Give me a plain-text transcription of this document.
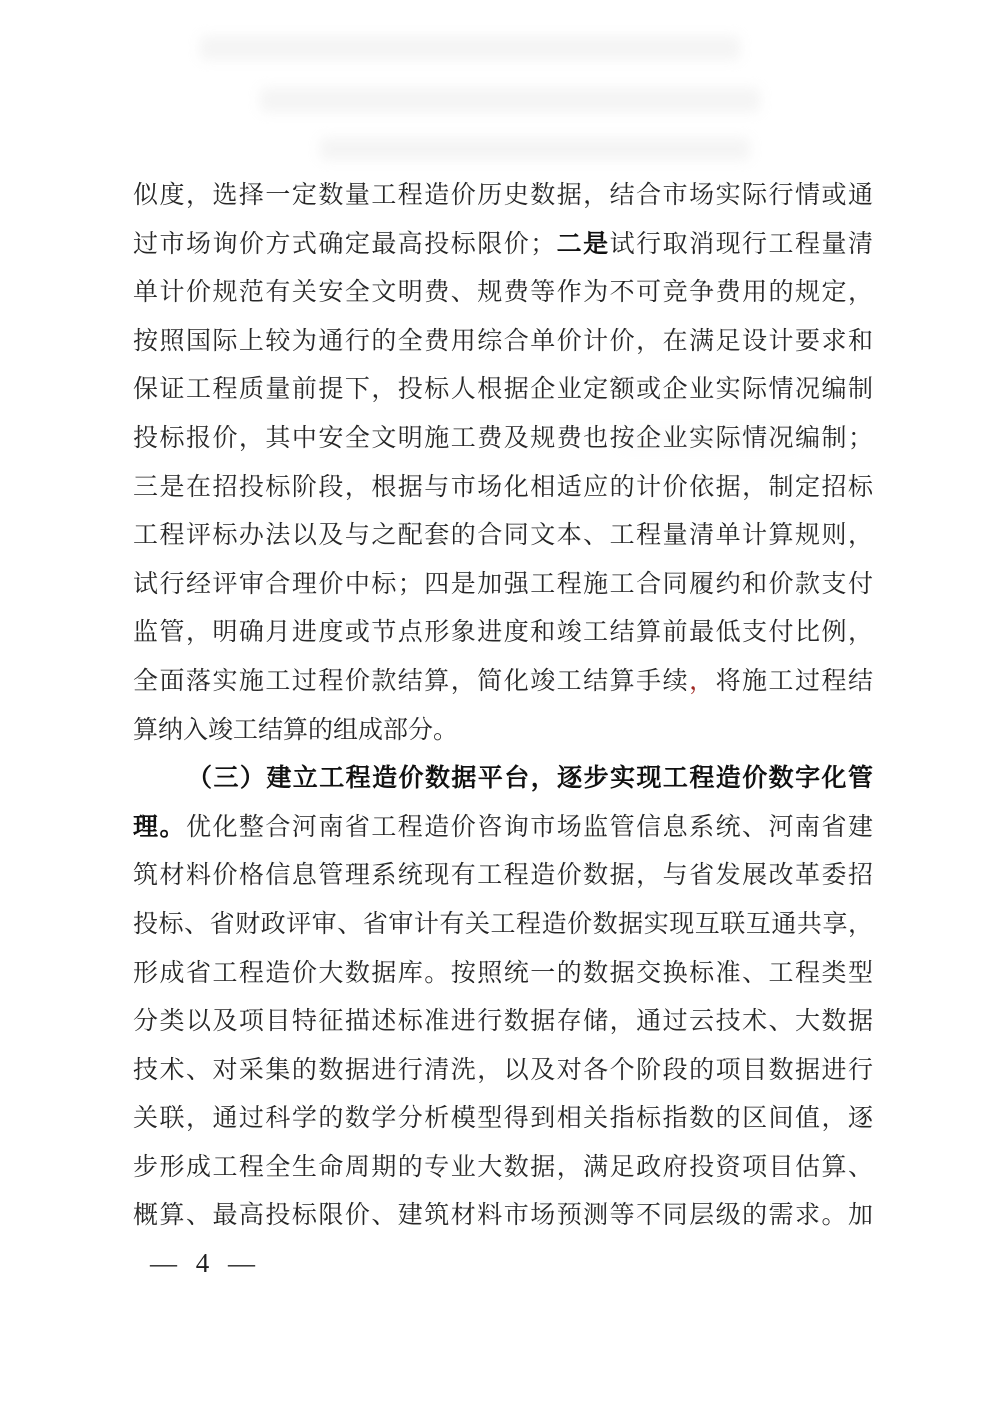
似度，选择一定数量工程造价历史数据，结合市场实际行情或通
过市场询价方式确定最高投标限价；二是试行取消现行工程量清
单计价规范有关安全文明费、规费等作为不可竞争费用的规定，
按照国际上较为通行的全费用综合单价计价，在满足设计要求和
保证工程质量前提下，投标人根据企业定额或企业实际情况编制
投标报价，其中安全文明施工费及规费也按企业实际情况编制；
三是在招投标阶段，根据与市场化相适应的计价依据，制定招标
工程评标办法以及与之配套的合同文本、工程量清单计算规则，
试行经评审合理价中标；四是加强工程施工合同履约和价款支付
监管，明确月进度或节点形象进度和竣工结算前最低支付比例，
全面落实施工过程价款结算，简化竣工结算手续，将施工过程结
算纳入竣工结算的组成部分。
（三）建立工程造价数据平台，逐步实现工程造价数字化管
理。优化整合河南省工程造价咨询市场监管信息系统、河南省建
筑材料价格信息管理系统现有工程造价数据，与省发展改革委招
投标、省财政评审、省审计有关工程造价数据实现互联互通共享，
形成省工程造价大数据库。按照统一的数据交换标准、工程类型
分类以及项目特征描述标准进行数据存储，通过云技术、大数据
技术、对采集的数据进行清洗，以及对各个阶段的项目数据进行
关联，通过科学的数学分析模型得到相关指标指数的区间值，逐
步形成工程全生命周期的专业大数据，满足政府投资项目估算、
概算、最高投标限价、建筑材料市场预测等不同层级的需求。加
— 4 —
